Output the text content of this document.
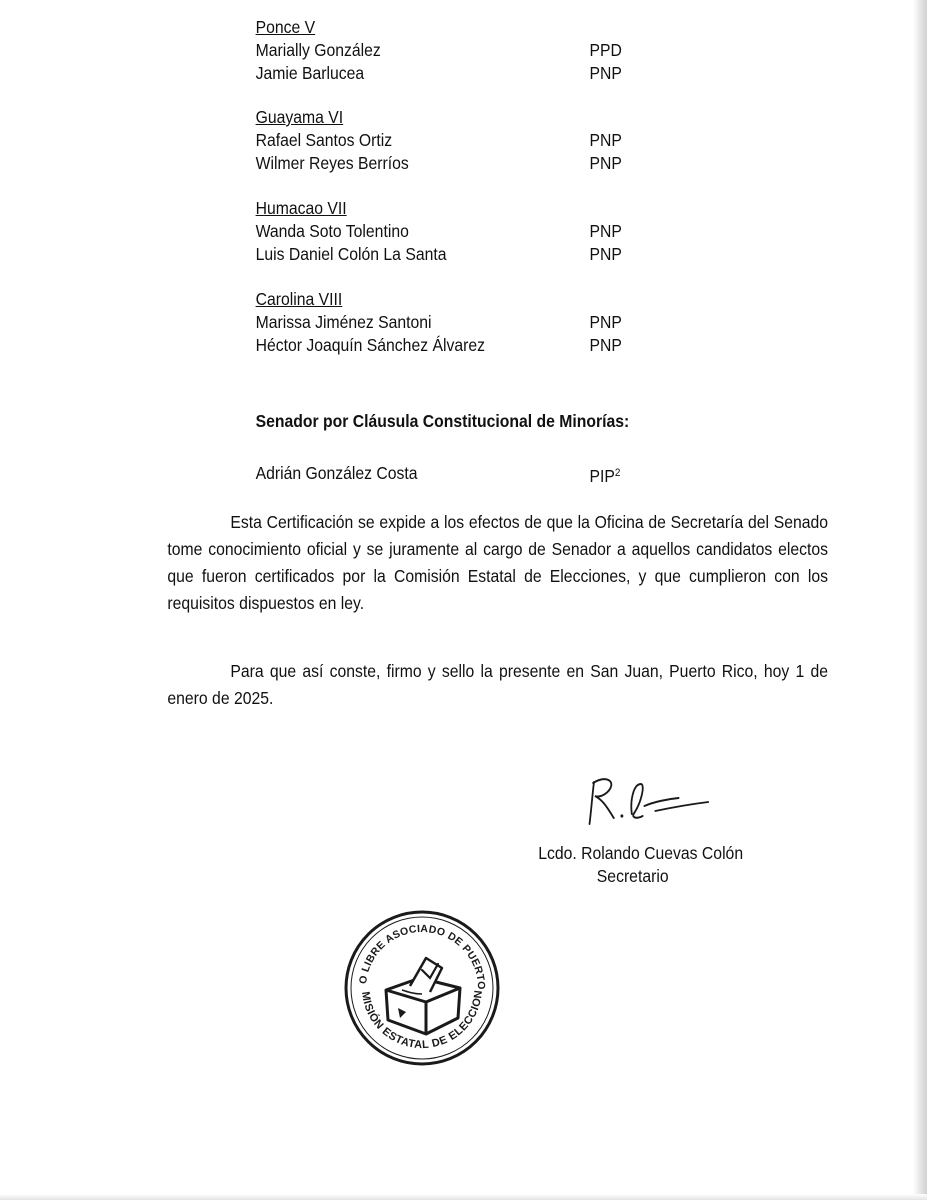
Ponce V
Marially González	PPD
Jamie Barlucea	PNP
Guayama VI
Rafael Santos Ortiz	PNP
Wilmer Reyes Berríos	PNP
Humacao VII
Wanda Soto Tolentino	PNP
Luis Daniel Colón La Santa	PNP
Carolina VIII
Marissa Jiménez Santoni	PNP
Héctor Joaquín Sánchez Álvarez	PNP
Senador por Cláusula Constitucional de Minorías:
Adrián González Costa	PIP$^2$

Esta Certificación se expide a los efectos de que la Oficina de Secretaría del Senado tome conocimiento oficial y se juramente al cargo de Senador a aquellos candidatos electos que fueron certificados por la Comisión Estatal de Elecciones, y que cumplieron con los requisitos dispuestos en ley.

Para que así conste, firmo y sello la presente en San Juan, Puerto Rico, hoy 1 de enero de 2025.

Lcdo. Rolando Cuevas Colón
Secretario
O LIBRE ASOCIADO DE PUERTO
MISIÓN ESTATAL DE ELECCION
